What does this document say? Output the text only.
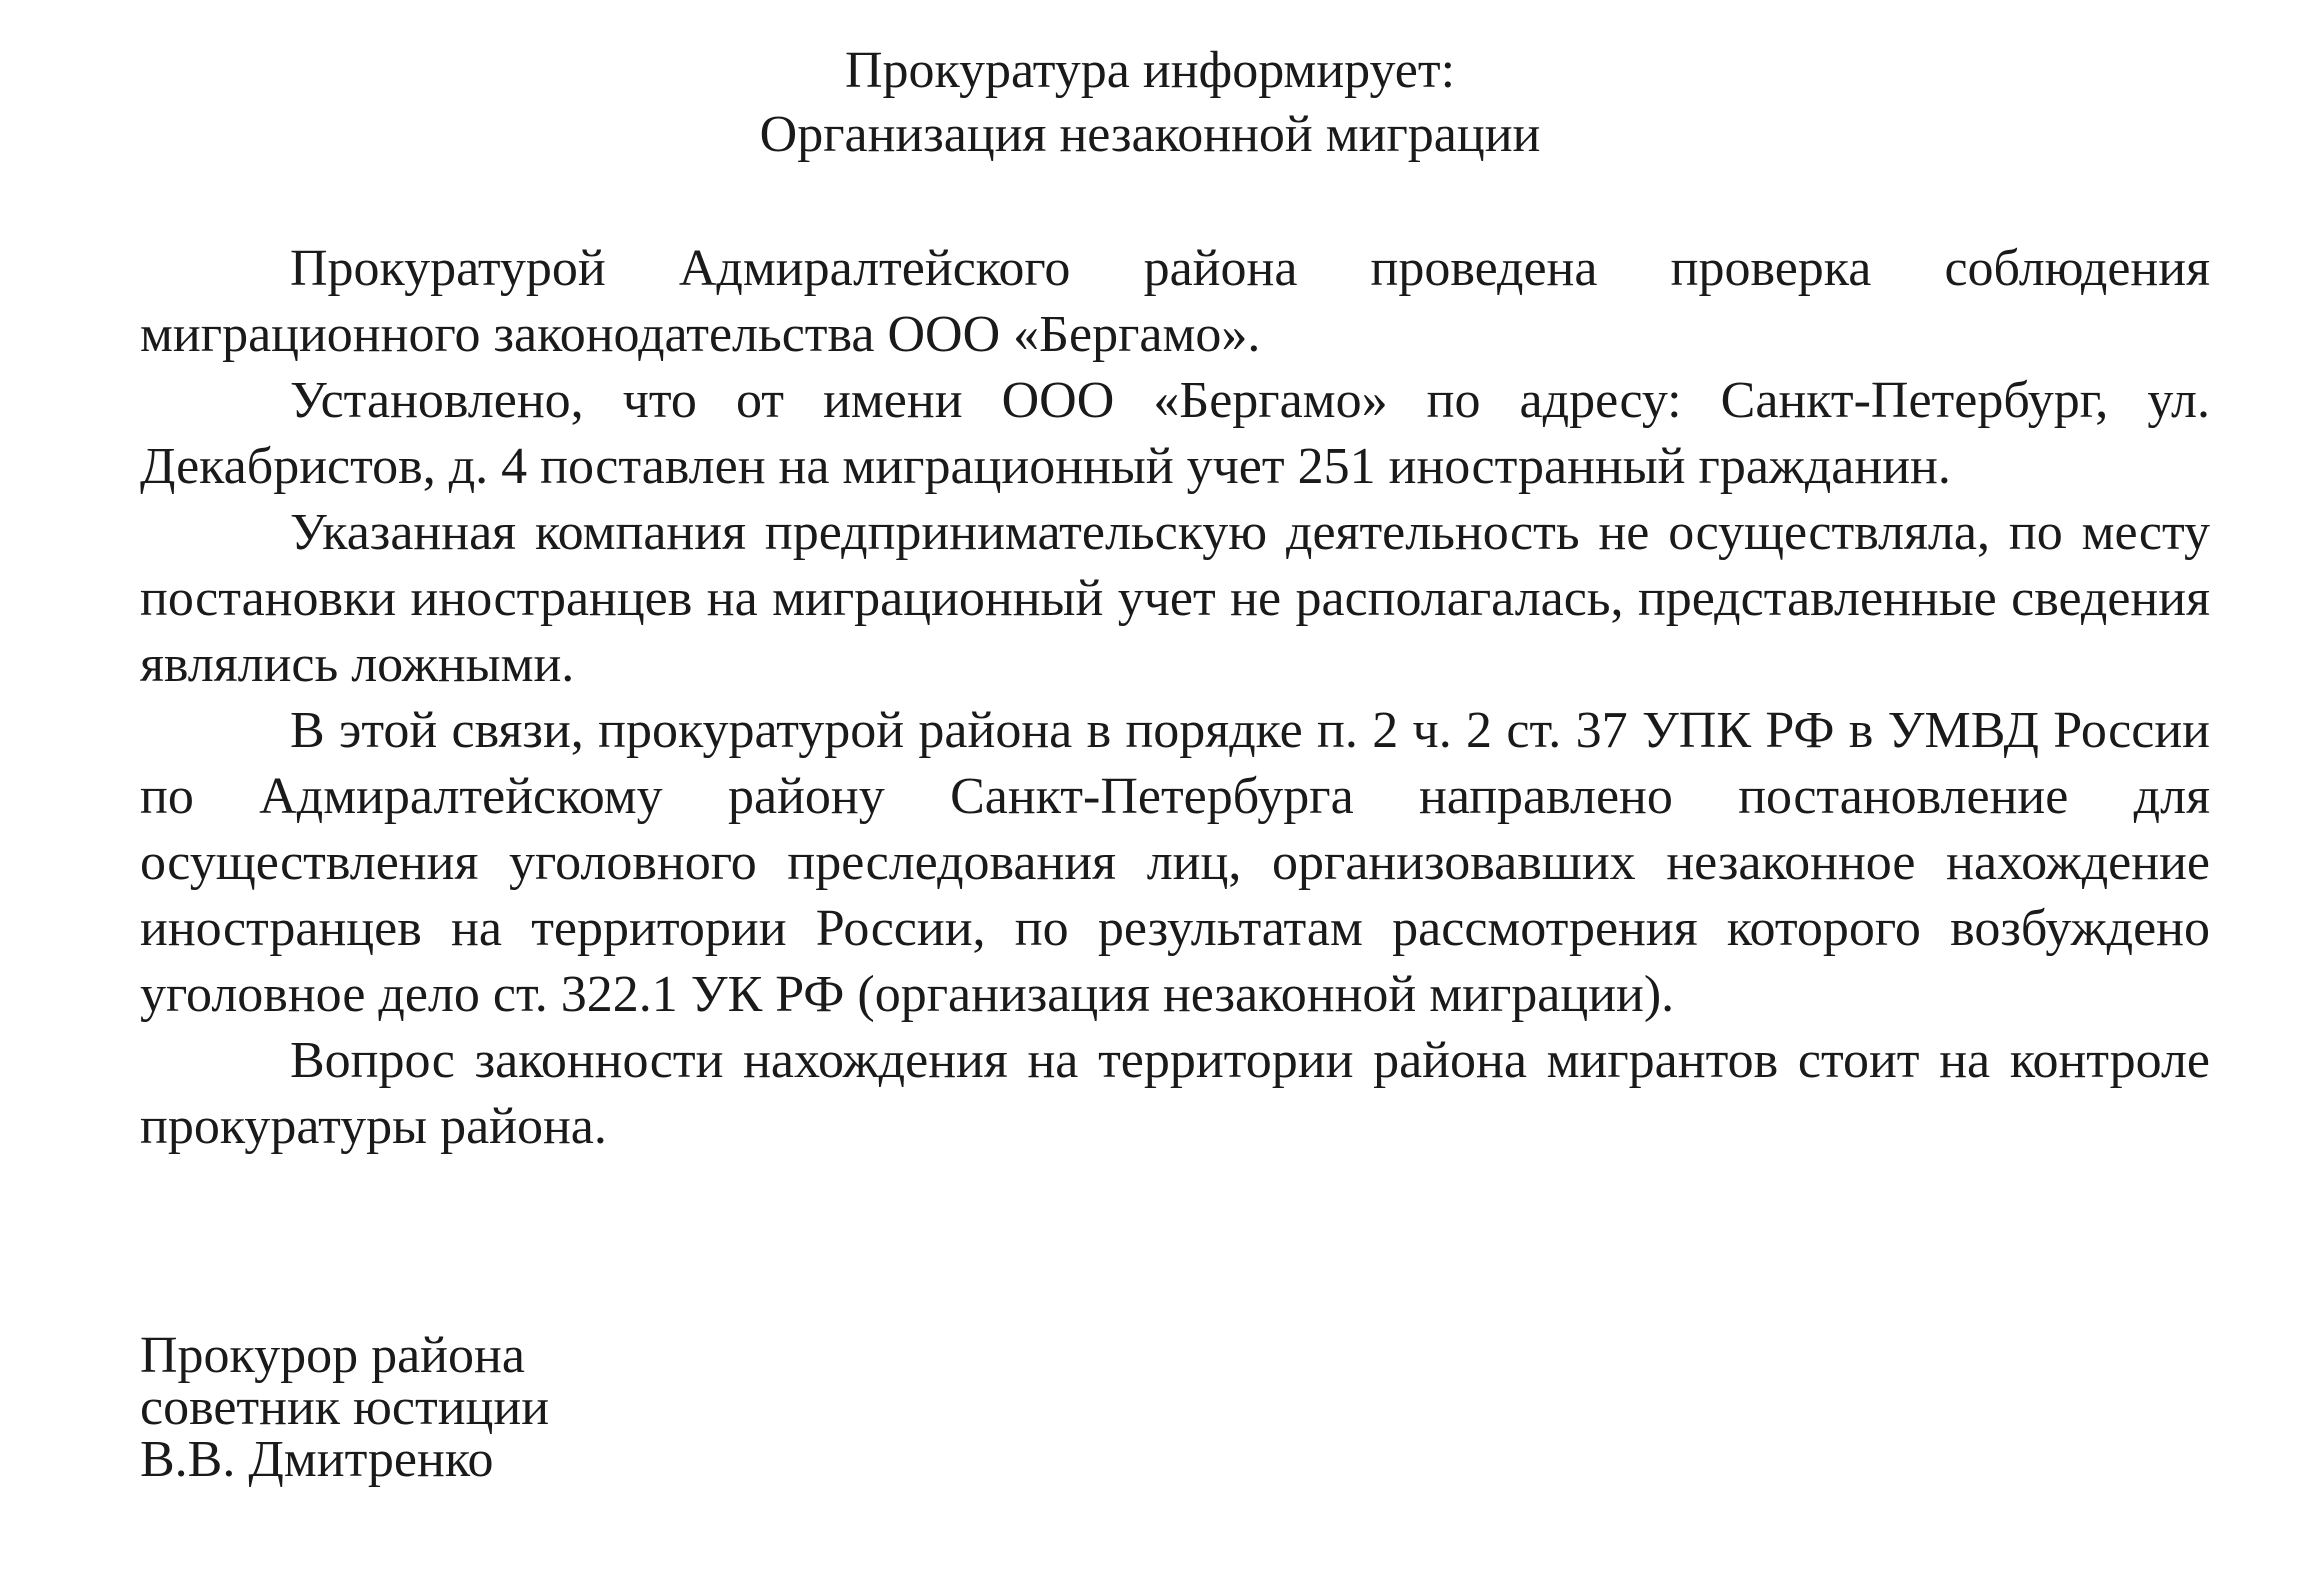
Прокуратура информирует:
Организация незаконной миграции

Прокуратурой Адмиралтейского района проведена проверка соблюдения миграционного законодательства ООО «Бергамо».

Установлено, что от имени ООО «Бергамо» по адресу: Санкт-Петербург, ул. Декабристов, д. 4 поставлен на миграционный учет 251 иностранный гражданин.

Указанная компания предпринимательскую деятельность не осуществляла, по месту постановки иностранцев на миграционный учет не располагалась, представленные сведения являлись ложными.

В этой связи, прокуратурой района в порядке п. 2 ч. 2 ст. 37 УПК РФ в УМВД России по Адмиралтейскому району Санкт-Петербурга направлено постановление для осуществления уголовного преследования лиц, организовавших незаконное нахождение иностранцев на территории России, по результатам рассмотрения которого возбуждено уголовное дело ст. 322.1 УК РФ (организация незаконной миграции).

Вопрос законности нахождения на территории района мигрантов стоит на контроле прокуратуры района.

Прокурор района
советник юстиции
В.В. Дмитренко
